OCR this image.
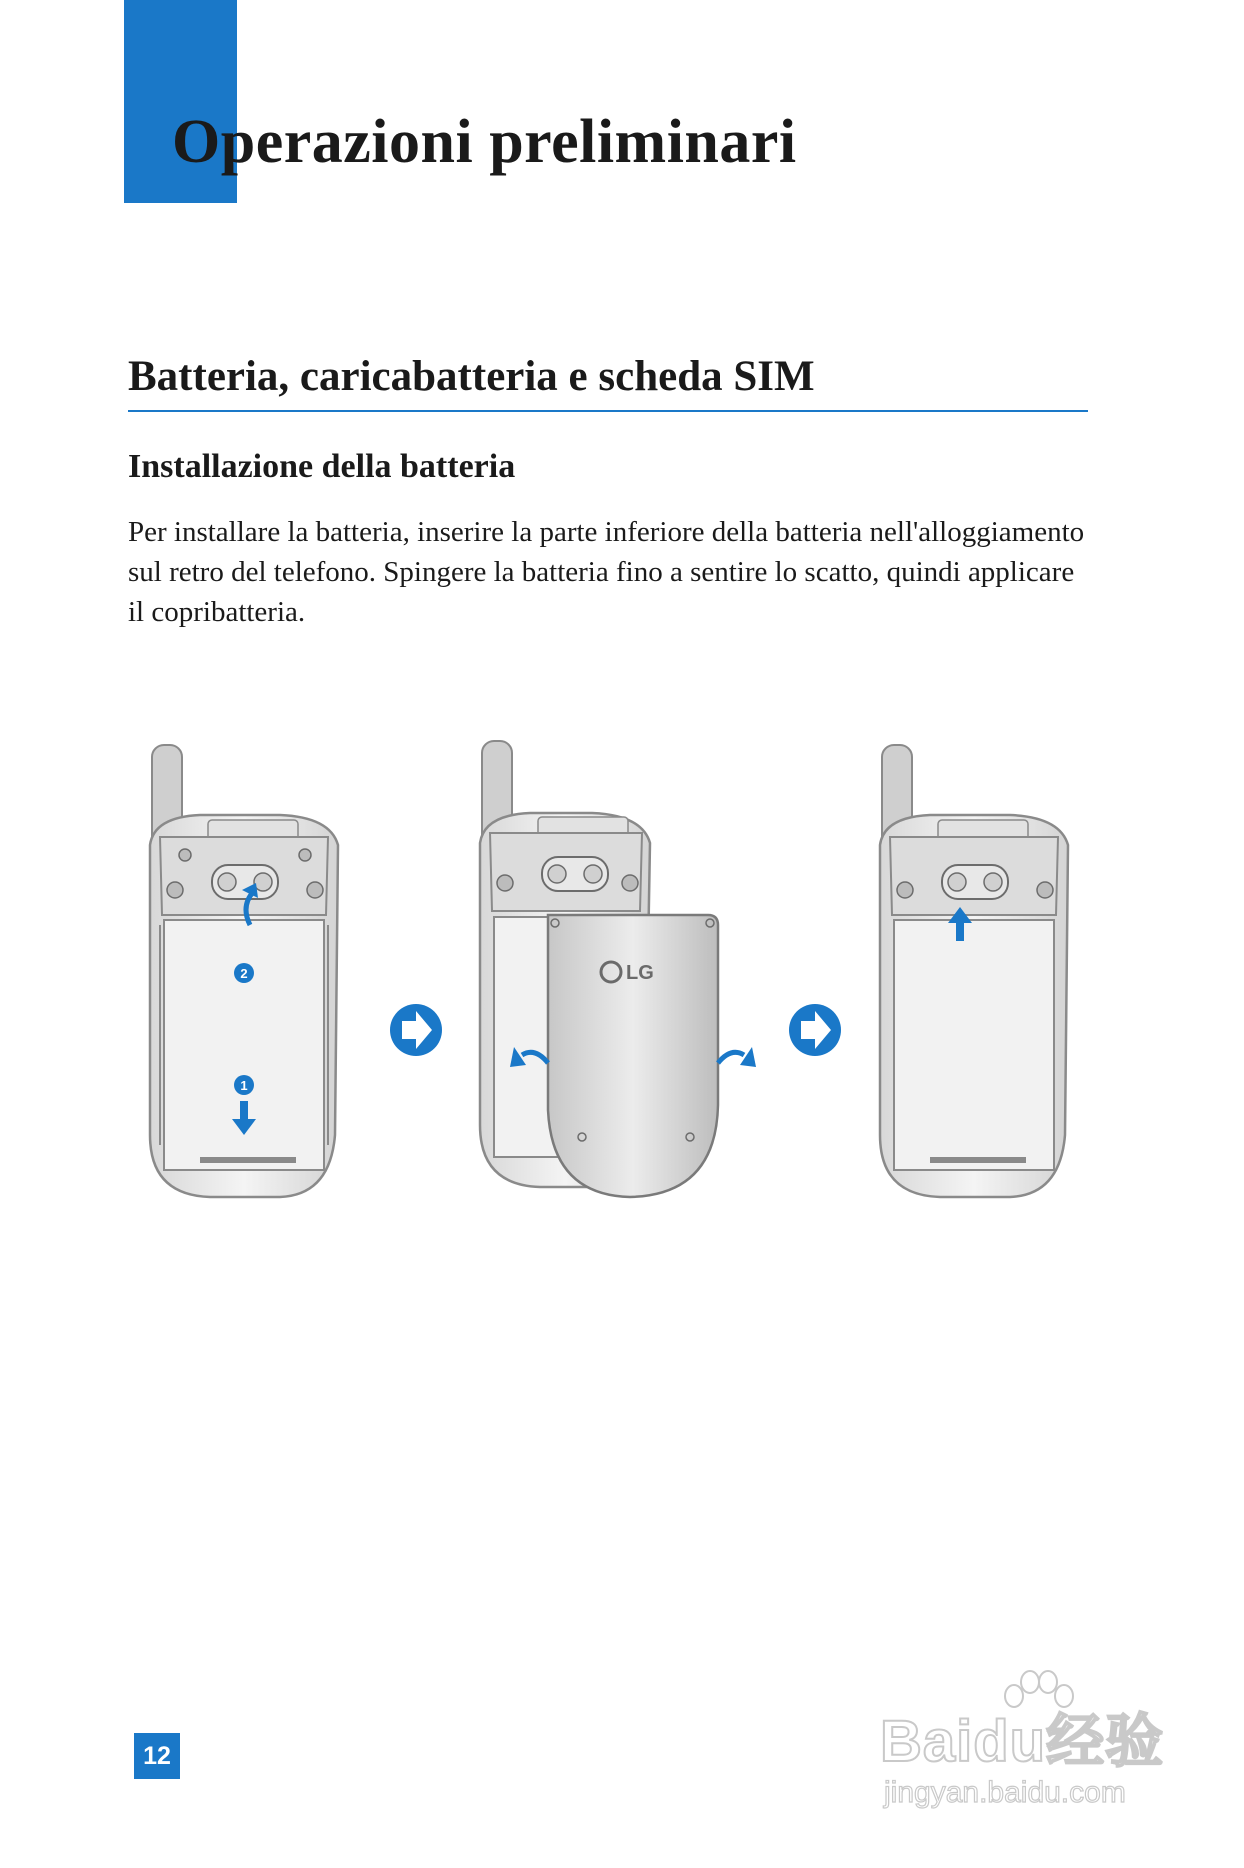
Operazioni preliminari
Batteria, caricabatteria e scheda SIM
Installazione della batteria

Per installare la batteria, inserire la parte inferiore della batteria nell'alloggiamento sul retro del telefono. Spingere la batteria fino a sentire lo scatto, quindi applicare il copribatteria.

2
1
LG
12	Baidu经验
jingyan.baidu.com
